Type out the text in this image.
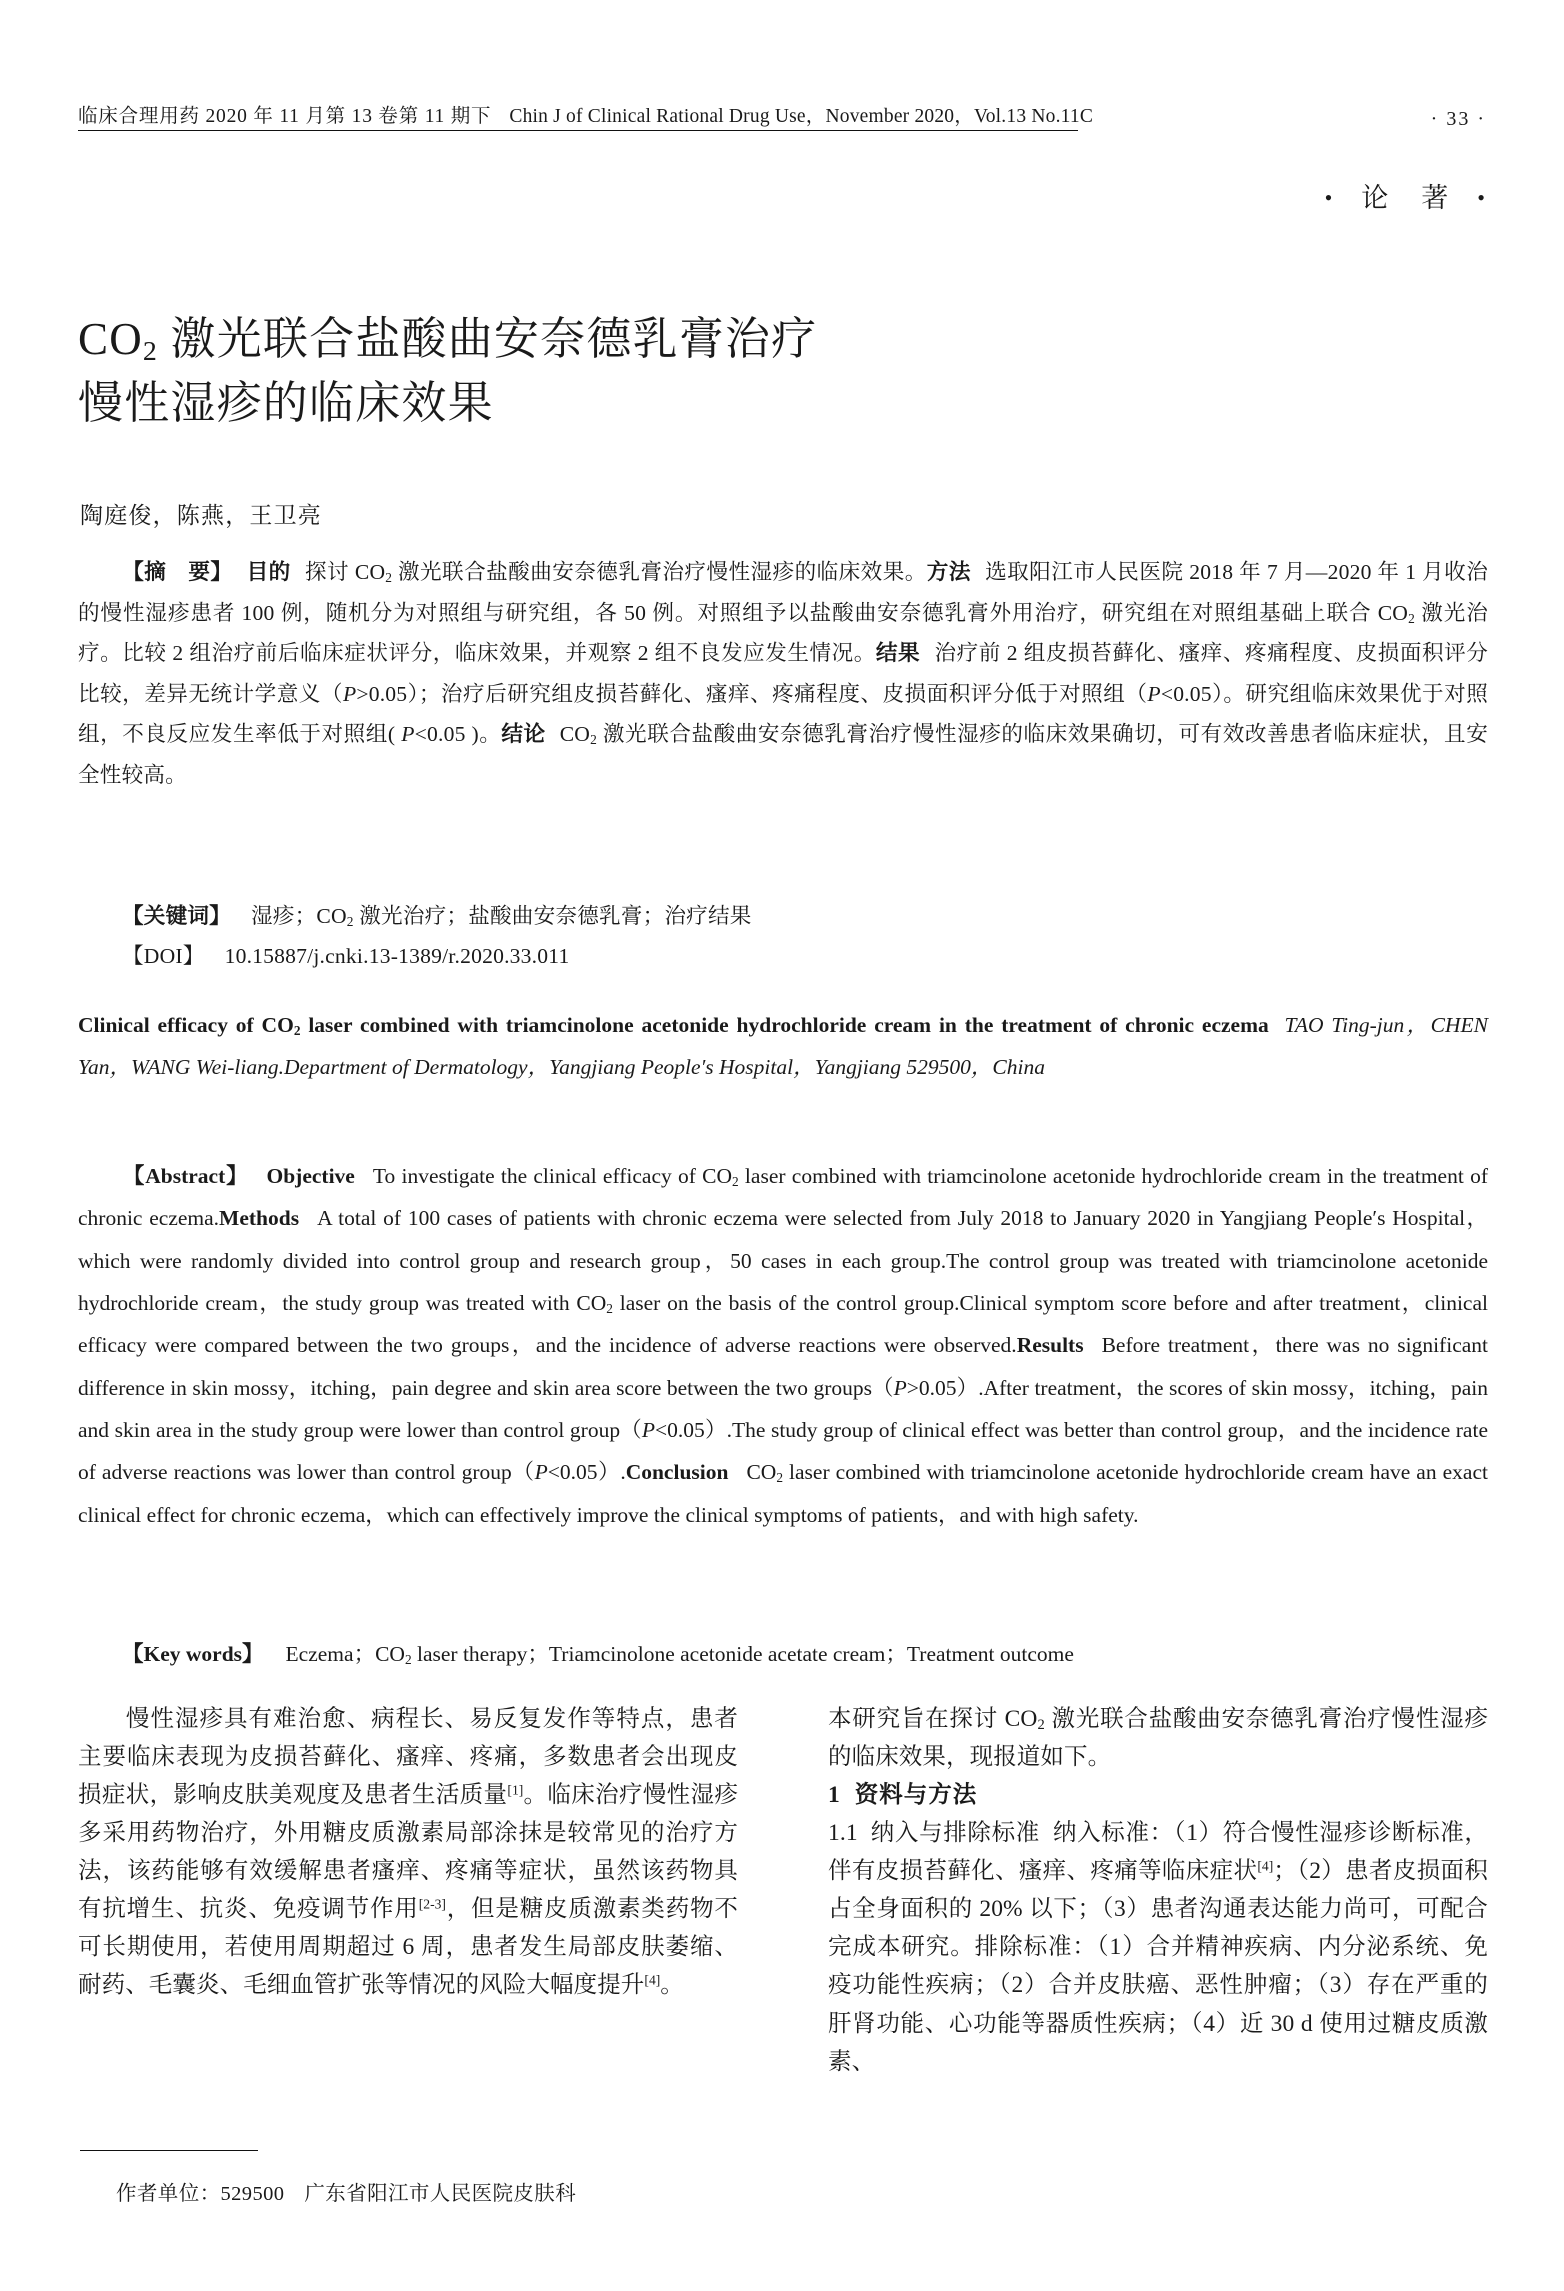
临床合理用药 2020 年 11 月第 13 卷第 11 期下 Chin J of Clinical Rational Drug Use，November 2020，Vol.13 No.11C	· 33 ·
• 论　著 •
$CO_2$ 激光联合盐酸曲安奈德乳膏治疗
慢性湿疹的临床效果
陶庭俊，陈燕，王卫亮
【摘　要】 目的 探讨 $CO_2$ 激光联合盐酸曲安奈德乳膏治疗慢性湿疹的临床效果。方法 选取阳江市人民医院 2018 年 7 月—2020 年 1 月收治的慢性湿疹患者 100 例，随机分为对照组与研究组，各 50 例。对照组予以盐酸曲安奈德乳膏外用治疗，研究组在对照组基础上联合 $CO_2$ 激光治疗。比较 2 组治疗前后临床症状评分，临床效果，并观察 2 组不良发应发生情况。结果 治疗前 2 组皮损苔藓化、瘙痒、疼痛程度、皮损面积评分比较，差异无统计学意义（P>0.05）；治疗后研究组皮损苔藓化、瘙痒、疼痛程度、皮损面积评分低于对照组（P<0.05）。研究组临床效果优于对照组，不良反应发生率低于对照组( P<0.05 )。结论 $CO_2$ 激光联合盐酸曲安奈德乳膏治疗慢性湿疹的临床效果确切，可有效改善患者临床症状，且安全性较高。
【关键词】 湿疹；$CO_2$ 激光治疗；盐酸曲安奈德乳膏；治疗结果
【DOI】 10.15887/j.cnki.13-1389/r.2020.33.011
Clinical efficacy of $CO_2$ laser combined with triamcinolone acetonide hydrochloride cream in the treatment of chronic eczema TAO Ting-jun，CHEN Yan，WANG Wei-liang.Department of Dermatology，Yangjiang People′s Hospital，Yangjiang 529500，China
【Abstract】 Objective To investigate the clinical efficacy of $CO_2$ laser combined with triamcinolone acetonide hydrochloride cream in the treatment of chronic eczema.Methods A total of 100 cases of patients with chronic eczema were selected from July 2018 to January 2020 in Yangjiang People′s Hospital，which were randomly divided into control group and research group，50 cases in each group.The control group was treated with triamcinolone acetonide hydrochloride cream，the study group was treated with $CO_2$ laser on the basis of the control group.Clinical symptom score before and after treatment，clinical efficacy were compared between the two groups，and the incidence of adverse reactions were observed.Results Before treatment，there was no significant difference in skin mossy，itching，pain degree and skin area score between the two groups（P>0.05）.After treatment，the scores of skin mossy，itching，pain and skin area in the study group were lower than control group（P<0.05）.The study group of clinical effect was better than control group，and the incidence rate of adverse reactions was lower than control group（P<0.05）.Conclusion $CO_2$ laser combined with triamcinolone acetonide hydrochloride cream have an exact clinical effect for chronic eczema，which can effectively improve the clinical symptoms of patients，and with high safety.
【Key words】 Eczema；$CO_2$ laser therapy；Triamcinolone acetonide acetate cream；Treatment outcome

慢性湿疹具有难治愈、病程长、易反复发作等特点，患者主要临床表现为皮损苔藓化、瘙痒、疼痛，多数患者会出现皮损症状，影响皮肤美观度及患者生活质量[1]。临床治疗慢性湿疹多采用药物治疗，外用糖皮质激素局部涂抹是较常见的治疗方法，该药能够有效缓解患者瘙痒、疼痛等症状，虽然该药物具有抗增生、抗炎、免疫调节作用[2-3]，但是糖皮质激素类药物不可长期使用，若使用周期超过 6 周，患者发生局部皮肤萎缩、耐药、毛囊炎、毛细血管扩张等情况的风险大幅度提升[4]。

本研究旨在探讨 $CO_2$ 激光联合盐酸曲安奈德乳膏治疗慢性湿疹的临床效果，现报道如下。

1 资料与方法

1.1 纳入与排除标准 纳入标准：（1）符合慢性湿疹诊断标准，伴有皮损苔藓化、瘙痒、疼痛等临床症状[4]；（2）患者皮损面积占全身面积的 20% 以下；（3）患者沟通表达能力尚可，可配合完成本研究。排除标准：（1）合并精神疾病、内分泌系统、免疫功能性疾病；（2）合并皮肤癌、恶性肿瘤；（3）存在严重的肝肾功能、心功能等器质性疾病；（4）近 30 d 使用过糖皮质激素、

作者单位：529500 广东省阳江市人民医院皮肤科
